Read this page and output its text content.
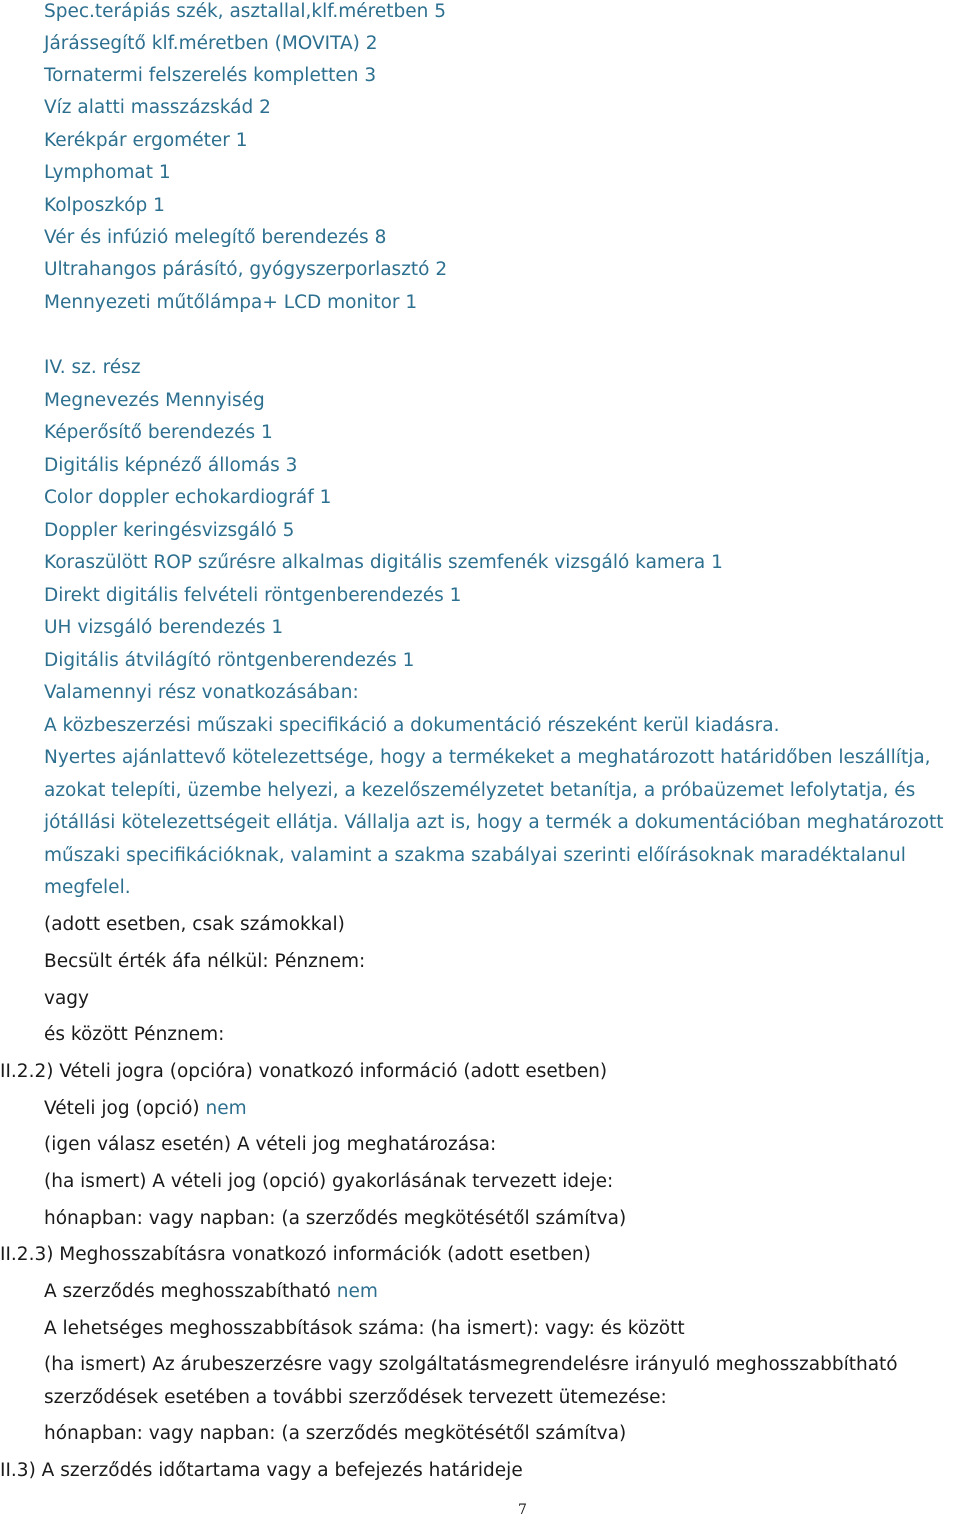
Spec.terápiás szék, asztallal,klf.méretben 5
Járássegítő klf.méretben (MOVITA) 2
Tornatermi felszerelés kompletten 3
Víz alatti masszázskád 2
Kerékpár ergométer 1
Lymphomat 1
Kolposzkóp 1
Vér és infúzió melegítő berendezés 8
Ultrahangos párásító, gyógyszerporlasztó 2
Mennyezeti műtőlámpa+ LCD monitor 1
IV. sz. rész
Megnevezés Mennyiség
Képerősítő berendezés 1
Digitális képnéző állomás 3
Color doppler echokardiográf 1
Doppler keringésvizsgáló 5
Koraszülött ROP szűrésre alkalmas digitális szemfenék vizsgáló kamera 1
Direkt digitális felvételi röntgenberendezés 1
UH vizsgáló berendezés 1
Digitális átvilágító röntgenberendezés 1
Valamennyi rész vonatkozásában:
A közbeszerzési műszaki specifikáció a dokumentáció részeként kerül kiadásra.
Nyertes ajánlattevő kötelezettsége, hogy a termékeket a meghatározott határidőben leszállítja,
azokat telepíti, üzembe helyezi, a kezelőszemélyzetet betanítja, a próbaüzemet lefolytatja, és
jótállási kötelezettségeit ellátja. Vállalja azt is, hogy a termék a dokumentációban meghatározott
műszaki specifikációknak, valamint a szakma szabályai szerinti előírásoknak maradéktalanul
megfelel.
(adott esetben, csak számokkal)
Becsült érték áfa nélkül: Pénznem:
vagy
és között Pénznem:
II.2.2) Vételi jogra (opcióra) vonatkozó információ (adott esetben)
Vételi jog (opció) nem
(igen válasz esetén) A vételi jog meghatározása:
(ha ismert) A vételi jog (opció) gyakorlásának tervezett ideje:
hónapban: vagy napban: (a szerződés megkötésétől számítva)
II.2.3) Meghosszabításra vonatkozó információk (adott esetben)
A szerződés meghosszabítható nem
A lehetséges meghosszabbítások száma: (ha ismert): vagy: és között
(ha ismert) Az árubeszerzésre vagy szolgáltatásmegrendelésre irányuló meghosszabbítható
szerződések esetében a további szerződések tervezett ütemezése:
hónapban: vagy napban: (a szerződés megkötésétől számítva)
II.3) A szerződés időtartama vagy a befejezés határideje
7
